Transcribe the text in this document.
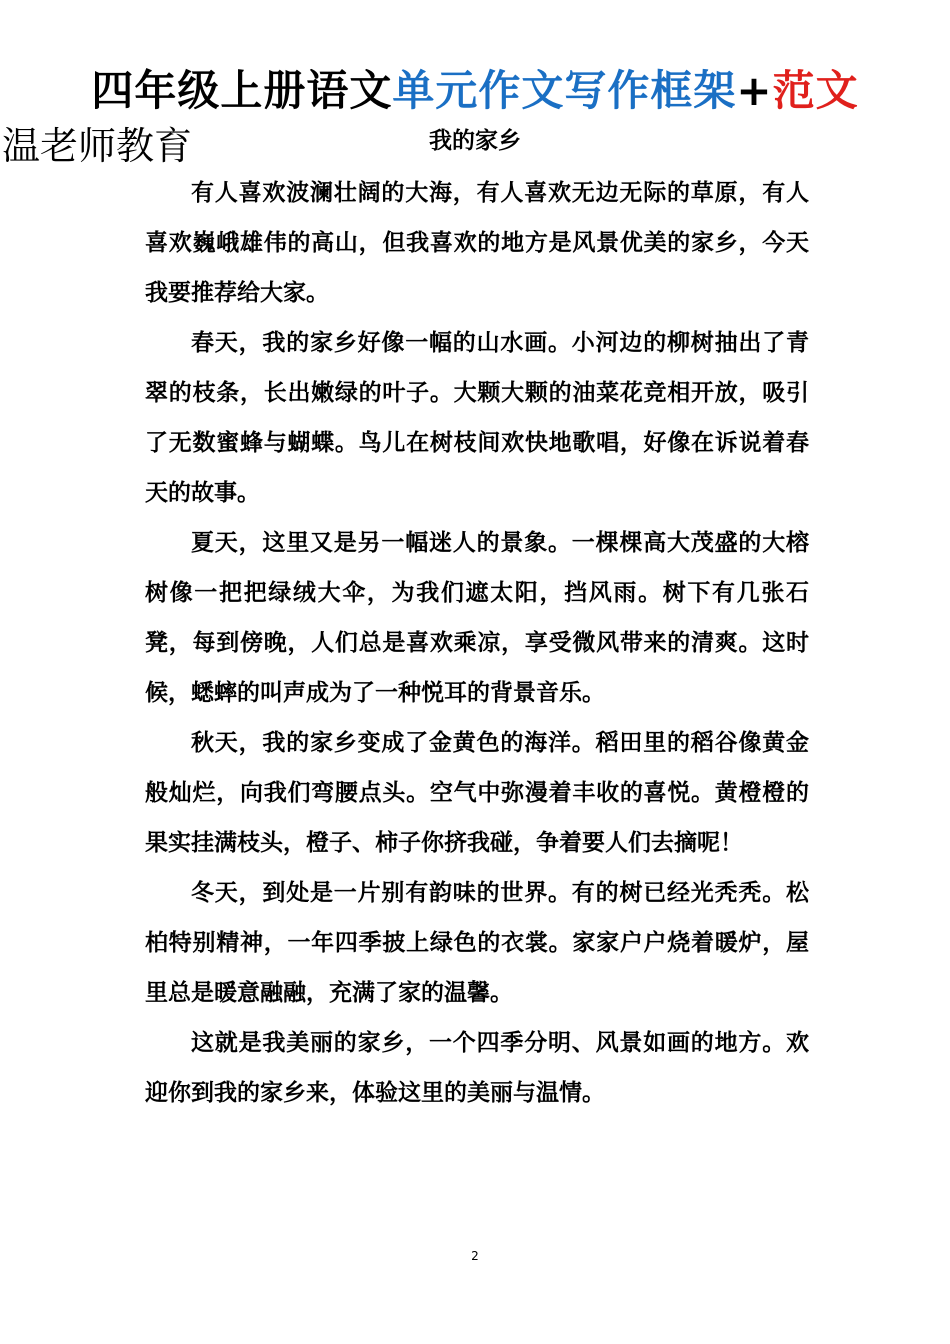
四年级上册语文单元作文写作框架+范文
温老师教育	我的家乡

有人喜欢波澜壮阔的大海，有人喜欢无边无际的草原，有人喜欢巍峨雄伟的高山，但我喜欢的地方是风景优美的家乡，今天我要推荐给大家。

春天，我的家乡好像一幅的山水画。小河边的柳树抽出了青翠的枝条，长出嫩绿的叶子。大颗大颗的油菜花竞相开放，吸引了无数蜜蜂与蝴蝶。鸟儿在树枝间欢快地歌唱，好像在诉说着春天的故事。

夏天，这里又是另一幅迷人的景象。一棵棵高大茂盛的大榕树像一把把绿绒大伞，为我们遮太阳，挡风雨。树下有几张石凳，每到傍晚，人们总是喜欢乘凉，享受微风带来的清爽。这时候，蟋蟀的叫声成为了一种悦耳的背景音乐。

秋天，我的家乡变成了金黄色的海洋。稻田里的稻谷像黄金般灿烂，向我们弯腰点头。空气中弥漫着丰收的喜悦。黄橙橙的果实挂满枝头，橙子、柿子你挤我碰，争着要人们去摘呢！

冬天，到处是一片别有韵味的世界。有的树已经光秃秃。松柏特别精神，一年四季披上绿色的衣裳。家家户户烧着暖炉，屋里总是暖意融融，充满了家的温馨。

这就是我美丽的家乡，一个四季分明、风景如画的地方。欢迎你到我的家乡来，体验这里的美丽与温情。

2
